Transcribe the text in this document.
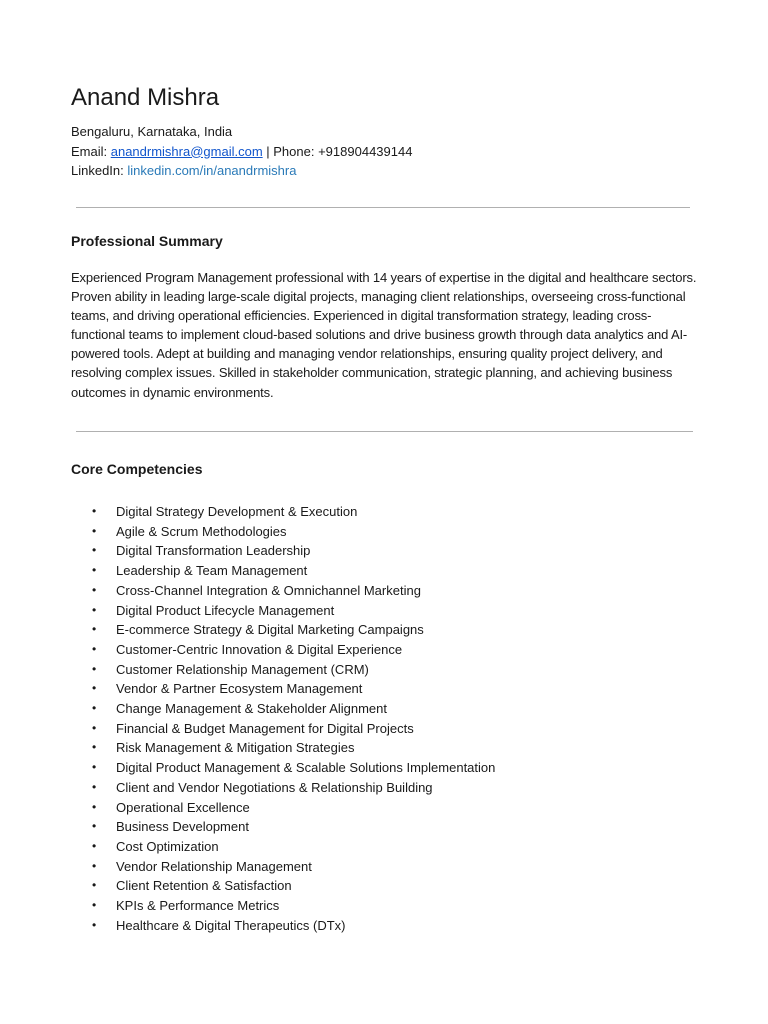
Anand Mishra
Bengaluru, Karnataka, India
Email: anandrmishra@gmail.com | Phone: +918904439144
LinkedIn: linkedin.com/in/anandrmishra
Professional Summary

Experienced Program Management professional with 14 years of expertise in the digital and healthcare sectors. Proven ability in leading large-scale digital projects, managing client relationships, overseeing cross-functional teams, and driving operational efficiencies. Experienced in digital transformation strategy, leading cross-functional teams to implement cloud-based solutions and drive business growth through data analytics and AI-powered tools. Adept at building and managing vendor relationships, ensuring quality project delivery, and resolving complex issues. Skilled in stakeholder communication, strategic planning, and achieving business outcomes in dynamic environments.

Core Competencies
• Digital Strategy Development & Execution
• Agile & Scrum Methodologies
• Digital Transformation Leadership
• Leadership & Team Management
• Cross-Channel Integration & Omnichannel Marketing
• Digital Product Lifecycle Management
• E-commerce Strategy & Digital Marketing Campaigns
• Customer-Centric Innovation & Digital Experience
• Customer Relationship Management (CRM)
• Vendor & Partner Ecosystem Management
• Change Management & Stakeholder Alignment
• Financial & Budget Management for Digital Projects
• Risk Management & Mitigation Strategies
• Digital Product Management & Scalable Solutions Implementation
• Client and Vendor Negotiations & Relationship Building
• Operational Excellence
• Business Development
• Cost Optimization
• Vendor Relationship Management
• Client Retention & Satisfaction
• KPIs & Performance Metrics
• Healthcare & Digital Therapeutics (DTx)
